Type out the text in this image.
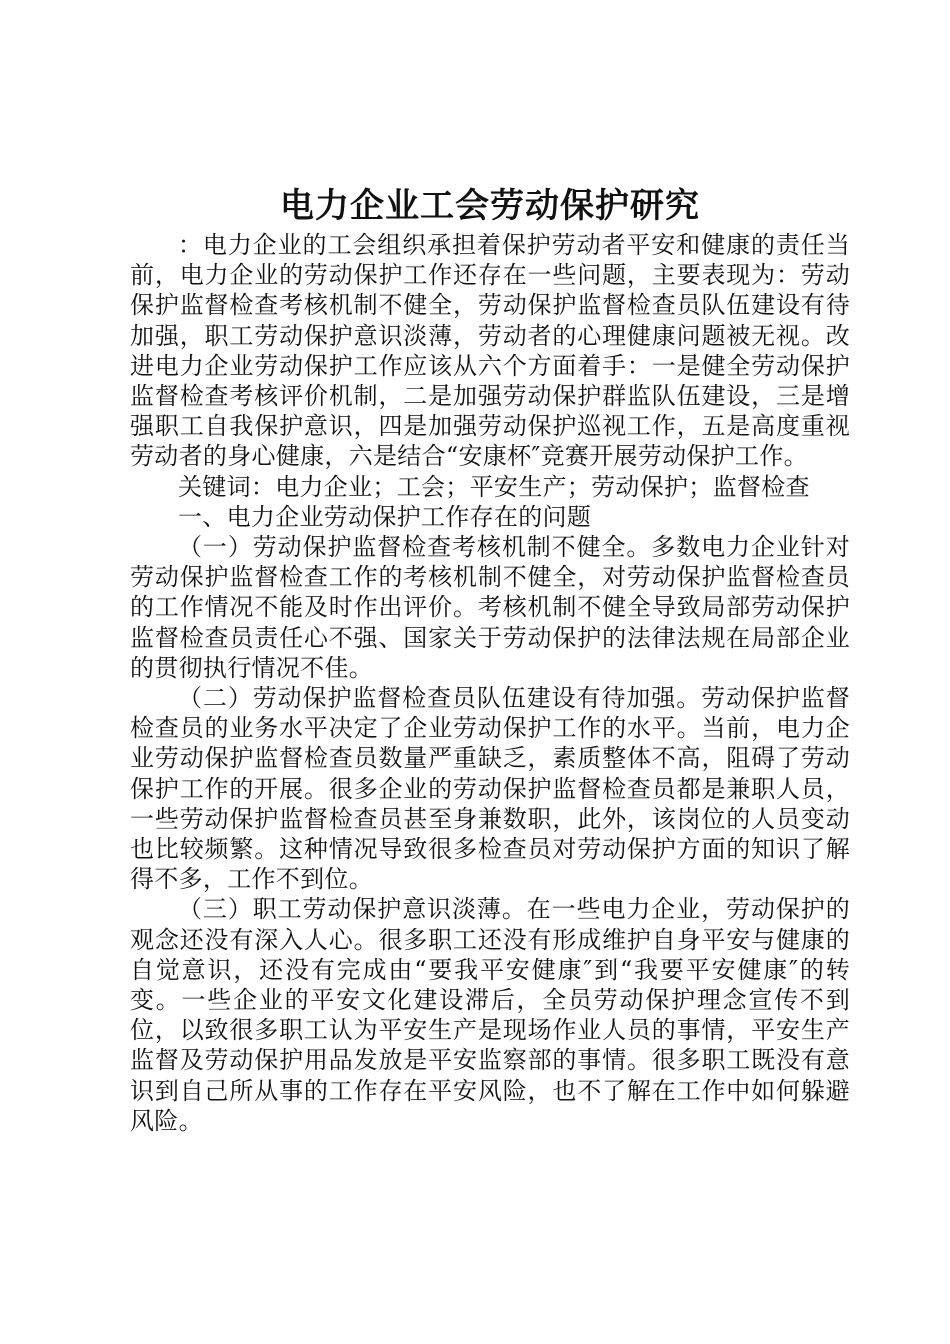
电力企业工会劳动保护研究

：电力企业的工会组织承担着保护劳动者平安和健康的责任当前，电力企业的劳动保护工作还存在一些问题，主要表现为：劳动保护监督检查考核机制不健全，劳动保护监督检查员队伍建设有待加强，职工劳动保护意识淡薄，劳动者的心理健康问题被无视。改进电力企业劳动保护工作应该从六个方面着手：一是健全劳动保护监督检查考核评价机制，二是加强劳动保护群监队伍建设，三是增强职工自我保护意识，四是加强劳动保护巡视工作，五是高度重视劳动者的身心健康，六是结合“安康杯″竞赛开展劳动保护工作。

关键词：电力企业；工会；平安生产；劳动保护；监督检查

一、电力企业劳动保护工作存在的问题

（一）劳动保护监督检查考核机制不健全。多数电力企业针对劳动保护监督检查工作的考核机制不健全，对劳动保护监督检查员的工作情况不能及时作出评价。考核机制不健全导致局部劳动保护监督检查员责任心不强、国家关于劳动保护的法律法规在局部企业的贯彻执行情况不佳。

（二）劳动保护监督检查员队伍建设有待加强。劳动保护监督检查员的业务水平决定了企业劳动保护工作的水平。当前，电力企业劳动保护监督检查员数量严重缺乏，素质整体不高，阻碍了劳动保护工作的开展。很多企业的劳动保护监督检查员都是兼职人员，一些劳动保护监督检查员甚至身兼数职，此外，该岗位的人员变动也比较频繁。这种情况导致很多检查员对劳动保护方面的知识了解得不多，工作不到位。

（三）职工劳动保护意识淡薄。在一些电力企业，劳动保护的观念还没有深入人心。很多职工还没有形成维护自身平安与健康的自觉意识，还没有完成由“要我平安健康″到“我要平安健康″的转变。一些企业的平安文化建设滞后，全员劳动保护理念宣传不到位，以致很多职工认为平安生产是现场作业人员的事情，平安生产监督及劳动保护用品发放是平安监察部的事情。很多职工既没有意识到自己所从事的工作存在平安风险，也不了解在工作中如何躲避风险。
